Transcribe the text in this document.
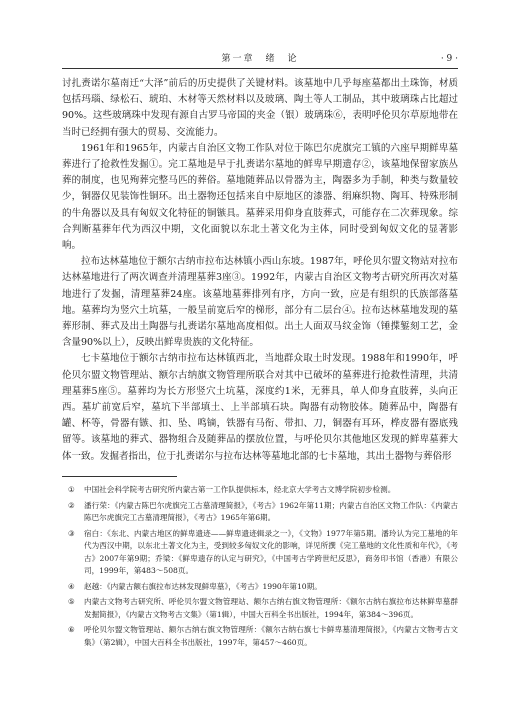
第一章　绪　论	· 9 ·

讨扎赉诺尔墓南迁“大泽”前后的历史提供了关键材料。该墓地中几乎每座墓都出土珠饰，材质包括玛瑙、绿松石、琥珀、木材等天然材料以及玻璃、陶土等人工制品，其中玻璃珠占比超过90%。这些玻璃珠中发现有源自古罗马帝国的夹金（银）玻璃珠⑥，表明呼伦贝尔草原地带在当时已经拥有强大的贸易、交流能力。

1961年和1965年，内蒙古自治区文物工作队对位于陈巴尔虎旗完工镇的六座早期鲜卑墓葬进行了抢救性发掘①。完工墓地是早于扎赉诺尔墓地的鲜卑早期遗存②，该墓地保留家族丛葬的制度，也见殉葬完整马匹的葬俗。墓地随葬品以骨器为主，陶器多为手制，种类与数量较少，铜器仅见装饰性铜环。出土器物还包括来自中原地区的漆器、绢麻织物、陶耳、特殊形制的牛角器以及具有匈奴文化特征的铜镞具。墓葬采用仰身直肢葬式，可能存在二次葬现象。综合判断墓葬年代为西汉中期，文化面貌以东北土著文化为主体，同时受到匈奴文化的显著影响。

拉布达林墓地位于额尔古纳市拉布达林镇小西山东坡。1987年，呼伦贝尔盟文物站对拉布达林墓地进行了两次调查并清理墓葬3座③。1992年，内蒙古自治区文物考古研究所再次对墓地进行了发掘，清理墓葬24座。该墓地墓葬排列有序，方向一致，应是有组织的氏族部落墓地。墓葬均为竖穴土坑墓，一般呈前宽后窄的梯形，部分有二层台④。拉布达林墓地发现的墓葬形制、葬式及出土陶器与扎赉诺尔墓地高度相似。出土人面双马纹金饰（锤揲錾刻工艺，金含量90%以上），反映出鲜卑贵族的文化特征。

七卡墓地位于额尔古纳市拉布达林镇西北，当地群众取土时发现。1988年和1990年，呼伦贝尔盟文物管理站、额尔古纳旗文物管理所联合对其中已破坏的墓葬进行抢救性清理，共清理墓葬5座⑤。墓葬均为长方形竖穴土坑墓，深度约1米，无葬具，单人仰身直肢葬，头向正西。墓圹前宽后窄，墓坑下半部填土、上半部填石块。陶器有动物胶体。随葬品中，陶器有罐、杯等，骨器有镞、扣、坠、鸣镝，铁器有马衔、带扣、刀，铜器有耳环，桦皮器有器底残留等。该墓地的葬式、器物组合及随葬品的摆放位置，与呼伦贝尔其他地区发现的鲜卑墓葬大体一致。发掘者指出，位于扎赉诺尔与拉布达林等墓地北部的七卡墓地，其出土器物与葬俗形

①	中国社会科学院考古研究所内蒙古第一工作队提供标本，经北京大学考古文博学院初步检测。
②	潘行荣：《内蒙古陈巴尔虎旗完工古墓清理简报》，《考古》1962年第11期；内蒙古自治区文物工作队：《内蒙古陈巴尔虎旗完工古墓清理简报》，《考古》1965年第6期。
③	宿白：《东北、内蒙古地区的鲜卑遗迹——鲜卑遗迹辑录之一》，《文物》1977年第5期。潘玲认为完工墓地的年代为西汉中期，以东北土著文化为主，受到较多匈奴文化的影响，详见所撰《完工墓地的文化性质和年代》，《考古》2007年第9期；乔梁：《鲜卑遗存的认定与研究》，《中国考古学跨世纪反思》，商务印书馆（香港）有限公司，1999年，第483～508页。
④	赵越：《内蒙古额右旗拉布达林发现鲜卑墓》，《考古》1990年第10期。
⑤	内蒙古文物考古研究所、呼伦贝尔盟文物管理站、额尔古纳右旗文物管理所：《额尔古纳右旗拉布达林鲜卑墓群发掘简报》，《内蒙古文物考古文集》（第1辑），中国大百科全书出版社，1994年，第384～396页。
⑥	呼伦贝尔盟文物管理站、额尔古纳右旗文物管理所：《额尔古纳右旗七卡鲜卑墓清理简报》，《内蒙古文物考古文集》（第2辑），中国大百科全书出版社，1997年，第457～460页。
